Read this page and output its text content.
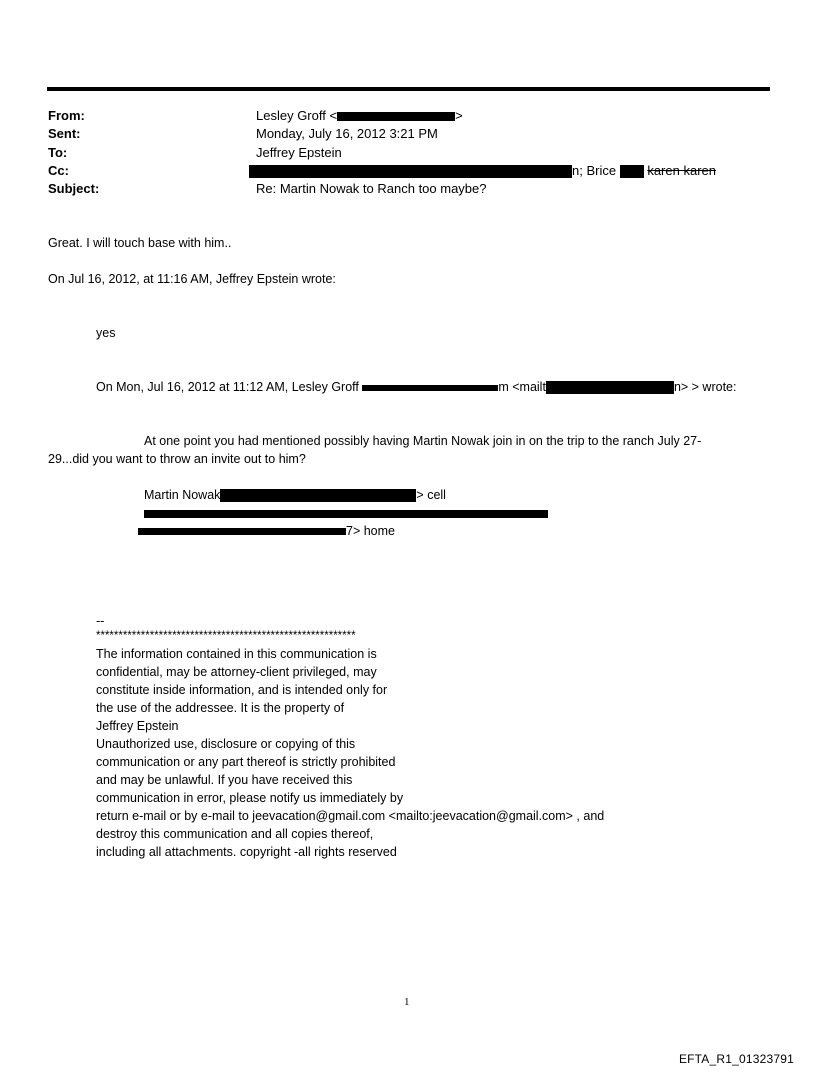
From:	Lesley Groff <	>
Sent:	Monday, July 16, 2012 3:21 PM
To:	Jeffrey Epstein
Cc:	n; Brice karen karen
Subject:	Re: Martin Nowak to Ranch too maybe?
Great. I will touch base with him..
On Jul 16, 2012, at 11:16 AM, Jeffrey Epstein wrote:
yes
On Mon, Jul 16, 2012 at 11:12 AM, Lesley Groff	m <mailt	n> > wrote:
At one point you had mentioned possibly having Martin Nowak join in on the trip to the ranch July 27-
29...did you want to throw an invite out to him?
Martin Nowak	> cell
7> home
--
**********************************************************
The information contained in this communication is
confidential, may be attorney-client privileged, may
constitute inside information, and is intended only for
the use of the addressee. It is the property of
Jeffrey Epstein
Unauthorized use, disclosure or copying of this
communication or any part thereof is strictly prohibited
and may be unlawful. If you have received this
communication in error, please notify us immediately by
return e-mail or by e-mail to jeevacation@gmail.com <mailto:jeevacation@gmail.com> , and
destroy this communication and all copies thereof,
including all attachments. copyright -all rights reserved
1
EFTA_R1_01323791
